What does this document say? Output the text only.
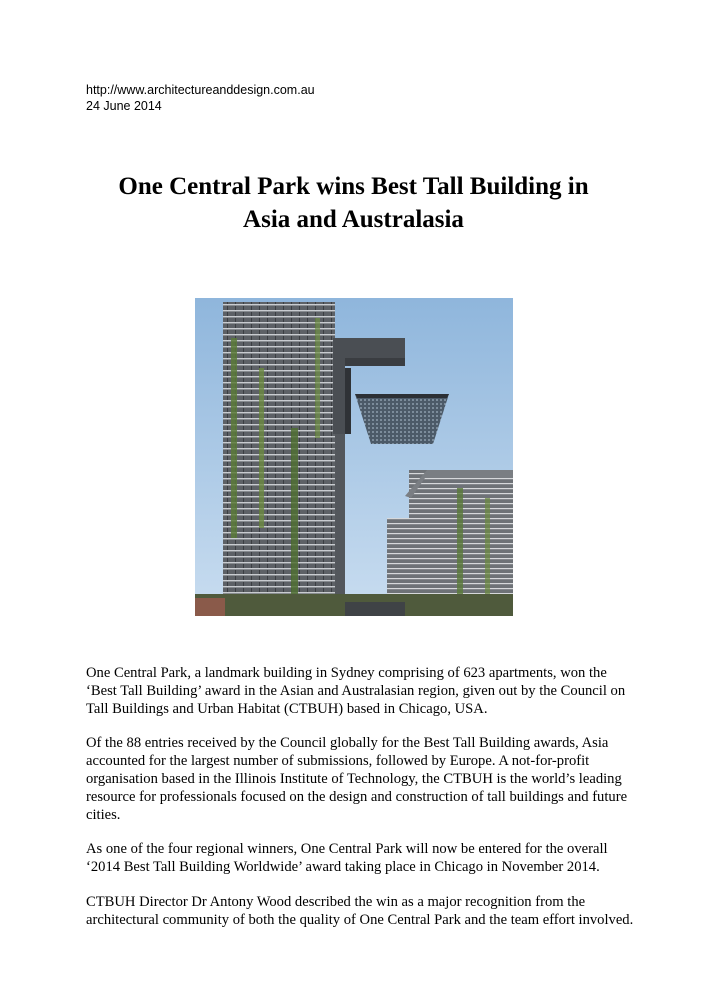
http://www.architectureanddesign.com.au
24 June 2014
One Central Park wins Best Tall Building in
Asia and Australasia

One Central Park, a landmark building in Sydney comprising of 623 apartments, won the
‘Best Tall Building’ award in the Asian and Australasian region, given out by the Council on
Tall Buildings and Urban Habitat (CTBUH) based in Chicago, USA.

Of the 88 entries received by the Council globally for the Best Tall Building awards, Asia
accounted for the largest number of submissions, followed by Europe. A not-for-profit
organisation based in the Illinois Institute of Technology, the CTBUH is the world’s leading
resource for professionals focused on the design and construction of tall buildings and future
cities.

As one of the four regional winners, One Central Park will now be entered for the overall
‘2014 Best Tall Building Worldwide’ award taking place in Chicago in November 2014.

CTBUH Director Dr Antony Wood described the win as a major recognition from the
architectural community of both the quality of One Central Park and the team effort involved.
